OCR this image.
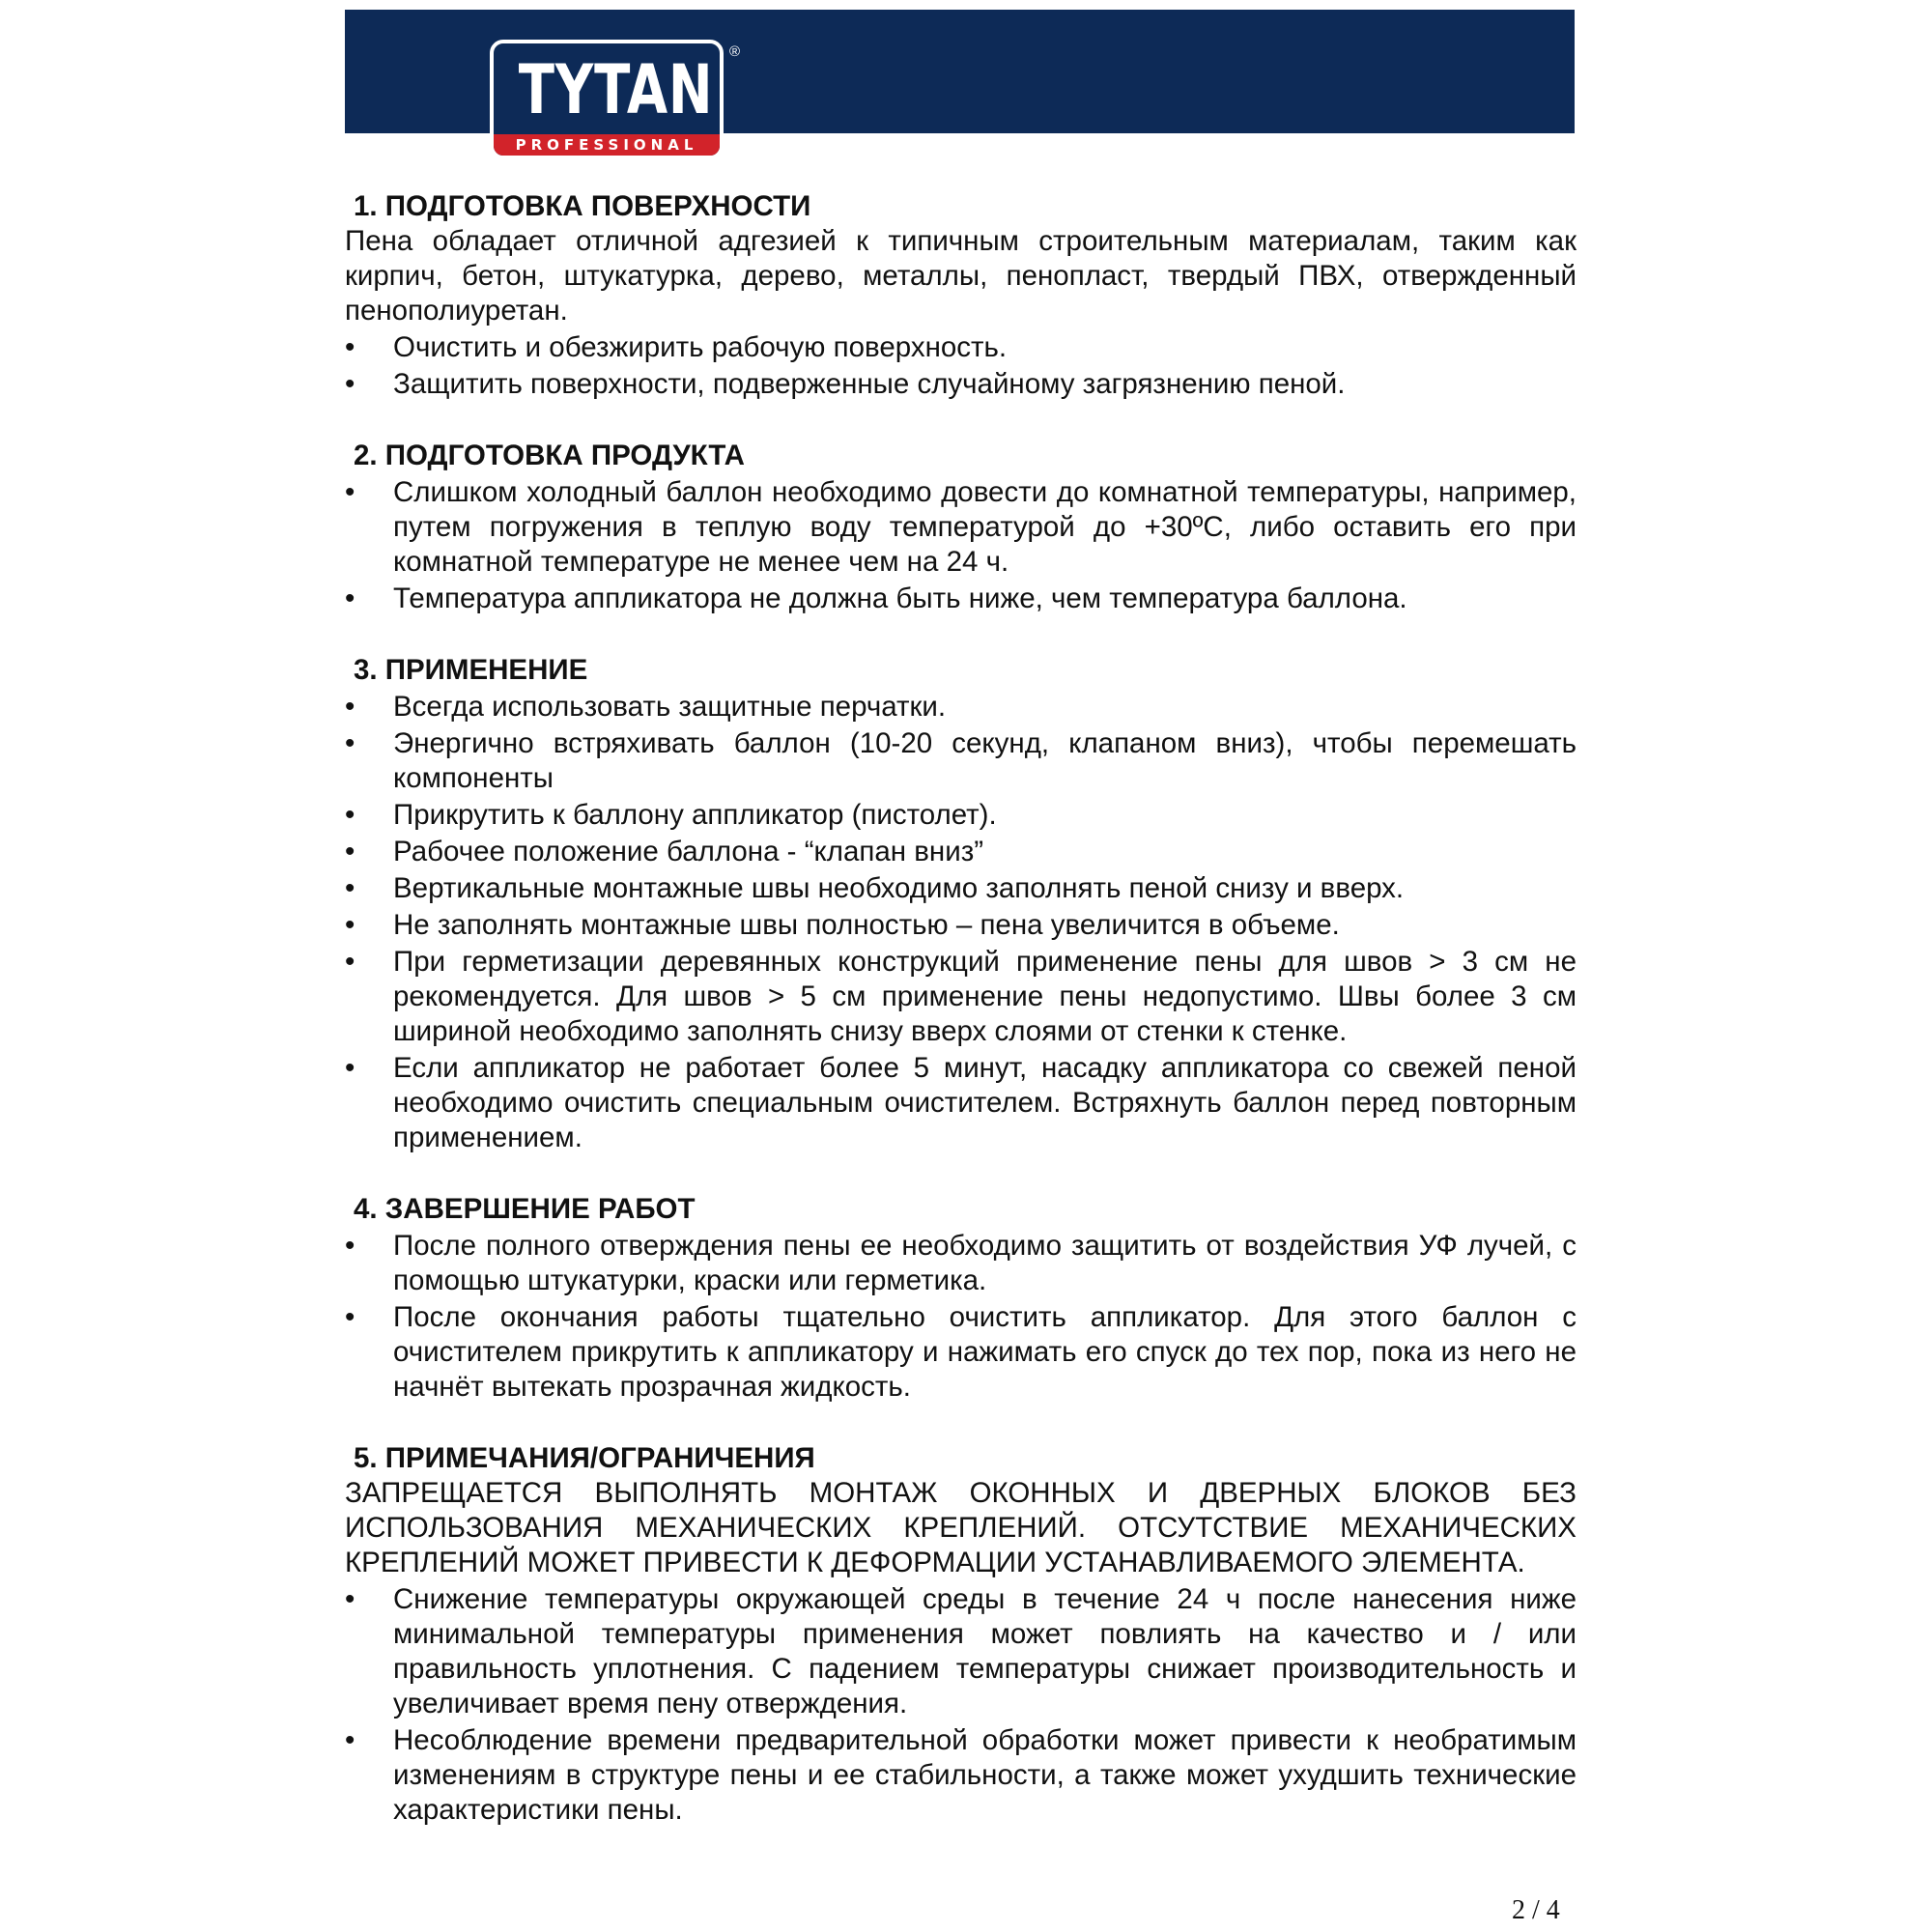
TYTAN
PROFESSIONAL
®

1. ПОДГОТОВКА ПОВЕРХНОСТИ

Пена обладает отличной адгезией к типичным строительным материалам, таким как кирпич, бетон, штукатурка, дерево, металлы, пенопласт, твердый ПВХ, отвержденный пенополиуретан.

• Очистить и обезжирить рабочую поверхность.
• Защитить поверхности, подверженные случайному загрязнению пеной.

2. ПОДГОТОВКА ПРОДУКТА

• Слишком холодный баллон необходимо довести до комнатной температуры, например, путем погружения в теплую воду температурой до +30ºC, либо оставить его при комнатной температуре не менее чем на 24 ч.
• Температура аппликатора не должна быть ниже, чем температура баллона.

3. ПРИМЕНЕНИЕ

• Всегда использовать защитные перчатки.
• Энергично встряхивать баллон (10-20 секунд, клапаном вниз), чтобы перемешать компоненты
• Прикрутить к баллону аппликатор (пистолет).
• Рабочее положение баллона - “клапан вниз”
• Вертикальные монтажные швы необходимо заполнять пеной снизу и вверх.
• Не заполнять монтажные швы полностью – пена увеличится в объеме.
• При герметизации деревянных конструкций применение пены для швов > 3 см не рекомендуется. Для швов > 5 см применение пены недопустимо. Швы более 3 см шириной необходимо заполнять снизу вверх слоями от стенки к стенке.
• Если аппликатор не работает более 5 минут, насадку аппликатора со свежей пеной необходимо очистить специальным очистителем. Встряхнуть баллон перед повторным применением.

4. ЗАВЕРШЕНИЕ РАБОТ

• После полного отверждения пены ее необходимо защитить от воздействия УФ лучей, с помощью штукатурки, краски или герметика.
• После окончания работы тщательно очистить аппликатор. Для этого баллон с очистителем прикрутить к аппликатору и нажимать его спуск до тех пор, пока из него не начнёт вытекать прозрачная жидкость.

5. ПРИМЕЧАНИЯ/ОГРАНИЧЕНИЯ

ЗАПРЕЩАЕТСЯ ВЫПОЛНЯТЬ МОНТАЖ ОКОННЫХ И ДВЕРНЫХ БЛОКОВ БЕЗ ИСПОЛЬЗОВАНИЯ МЕХАНИЧЕСКИХ КРЕПЛЕНИЙ. ОТСУТСТВИЕ МЕХАНИЧЕСКИХ КРЕПЛЕНИЙ МОЖЕТ ПРИВЕСТИ К ДЕФОРМАЦИИ УСТАНАВЛИВАЕМОГО ЭЛЕМЕНТА.

• Снижение температуры окружающей среды в течение 24 ч после нанесения ниже минимальной температуры применения может повлиять на качество и / или правильность уплотнения. С падением температуры снижает производительность и увеличивает время пену отверждения.
• Несоблюдение времени предварительной обработки может привести к необратимым изменениям в структуре пены и ее стабильности, а также может ухудшить технические характеристики пены.
2 / 4
